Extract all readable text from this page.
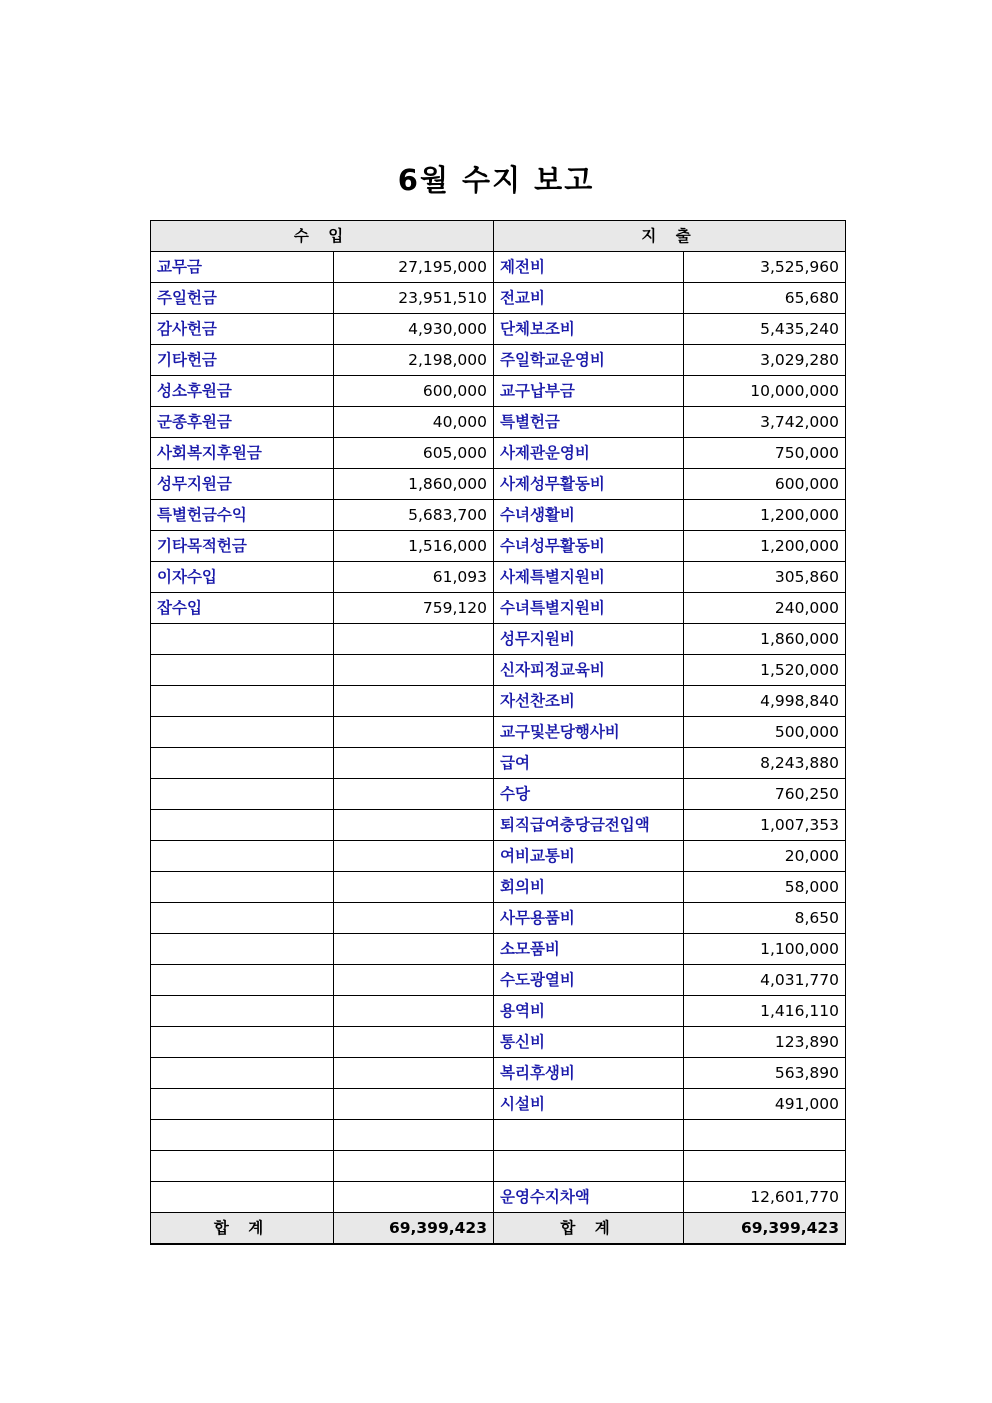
6월 수지 보고
수 입		지 출	
교무금	27,195,000	제전비	3,525,960
주일헌금	23,951,510	전교비	65,680
감사헌금	4,930,000	단체보조비	5,435,240
기타헌금	2,198,000	주일학교운영비	3,029,280
성소후원금	600,000	교구납부금	10,000,000
군종후원금	40,000	특별헌금	3,742,000
사회복지후원금	605,000	사제관운영비	750,000
성무지원금	1,860,000	사제성무활동비	600,000
특별헌금수익	5,683,700	수녀생활비	1,200,000
기타목적헌금	1,516,000	수녀성무활동비	1,200,000
이자수입	61,093	사제특별지원비	305,860
잡수입	759,120	수녀특별지원비	240,000
		성무지원비	1,860,000
		신자피정교육비	1,520,000
		자선찬조비	4,998,840
		교구및본당행사비	500,000
		급여	8,243,880
		수당	760,250
		퇴직급여충당금전입액	1,007,353
		여비교통비	20,000
		회의비	58,000
		사무용품비	8,650
		소모품비	1,100,000
		수도광열비	4,031,770
		용역비	1,416,110
		통신비	123,890
		복리후생비	563,890
		시설비	491,000

		운영수지차액	12,601,770
합 계	69,399,423	합 계	69,399,423
